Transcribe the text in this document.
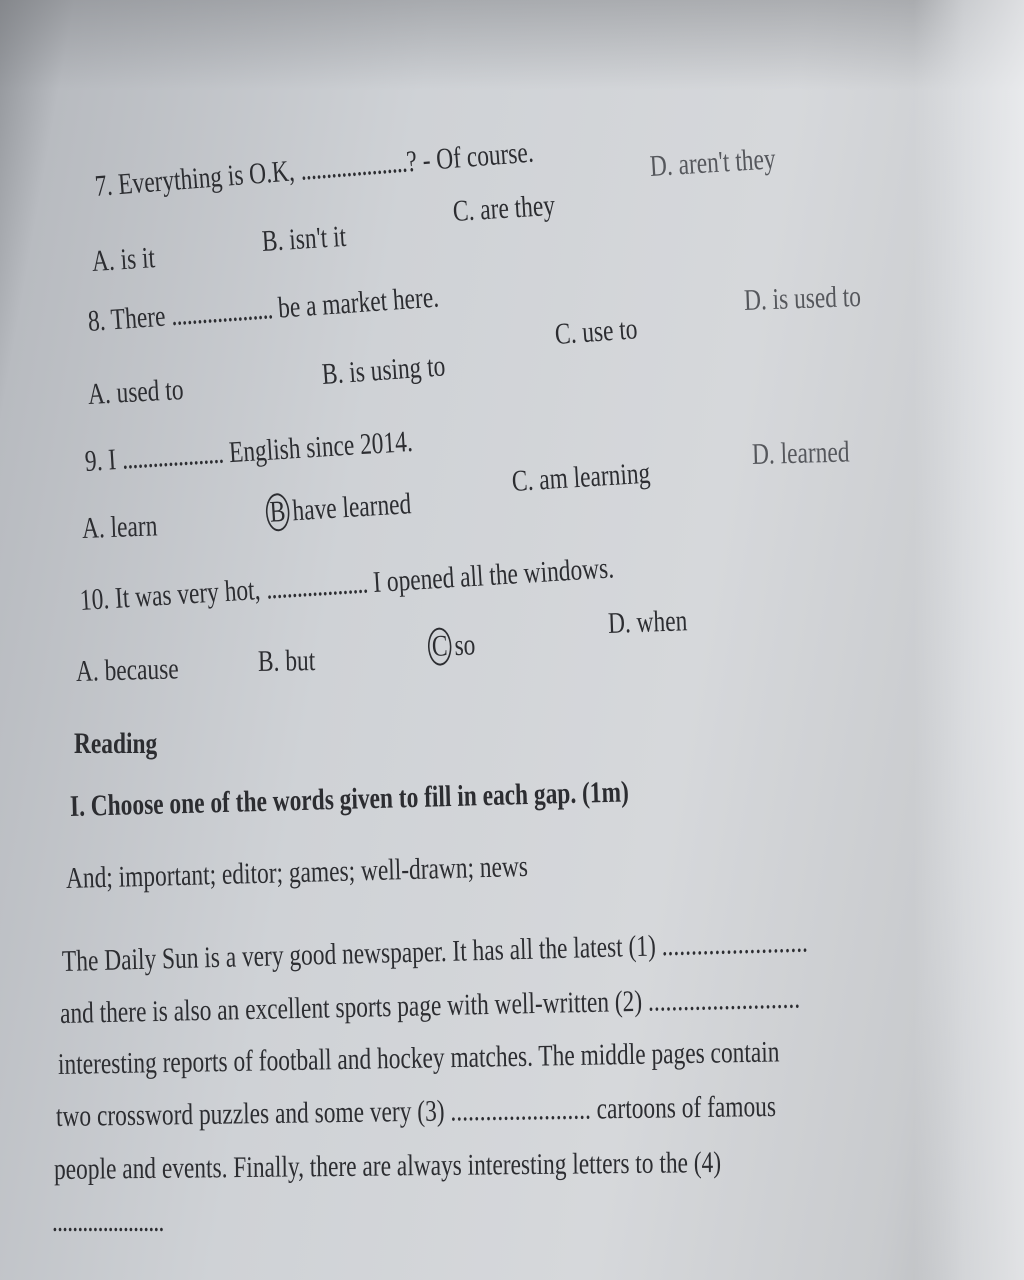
7. Everything is O.K, .....................? - Of course.
A. is it
B. isn't it
C. are they
D. aren't they
8. There .................... be a market here.
A. used to
B. is using to
C. use to
D. is used to
9. I .................... English since 2014.
A. learn	B have learned
C. am learning
D. learned
10. It was very hot, .................... I opened all the windows.
A. because	B. but	C so
D. when
Reading
I. Choose one of the words given to fill in each gap. (1m)
And; important; editor; games; well-drawn; news
The Daily Sun is a very good newspaper. It has all the latest (1) .........................
and there is also an excellent sports page with well-written (2) ..........................
interesting reports of football and hockey matches. The middle pages contain
two crossword puzzles and some very (3) ........................ cartoons of famous
people and events. Finally, there are always interesting letters to the (4)
......................
